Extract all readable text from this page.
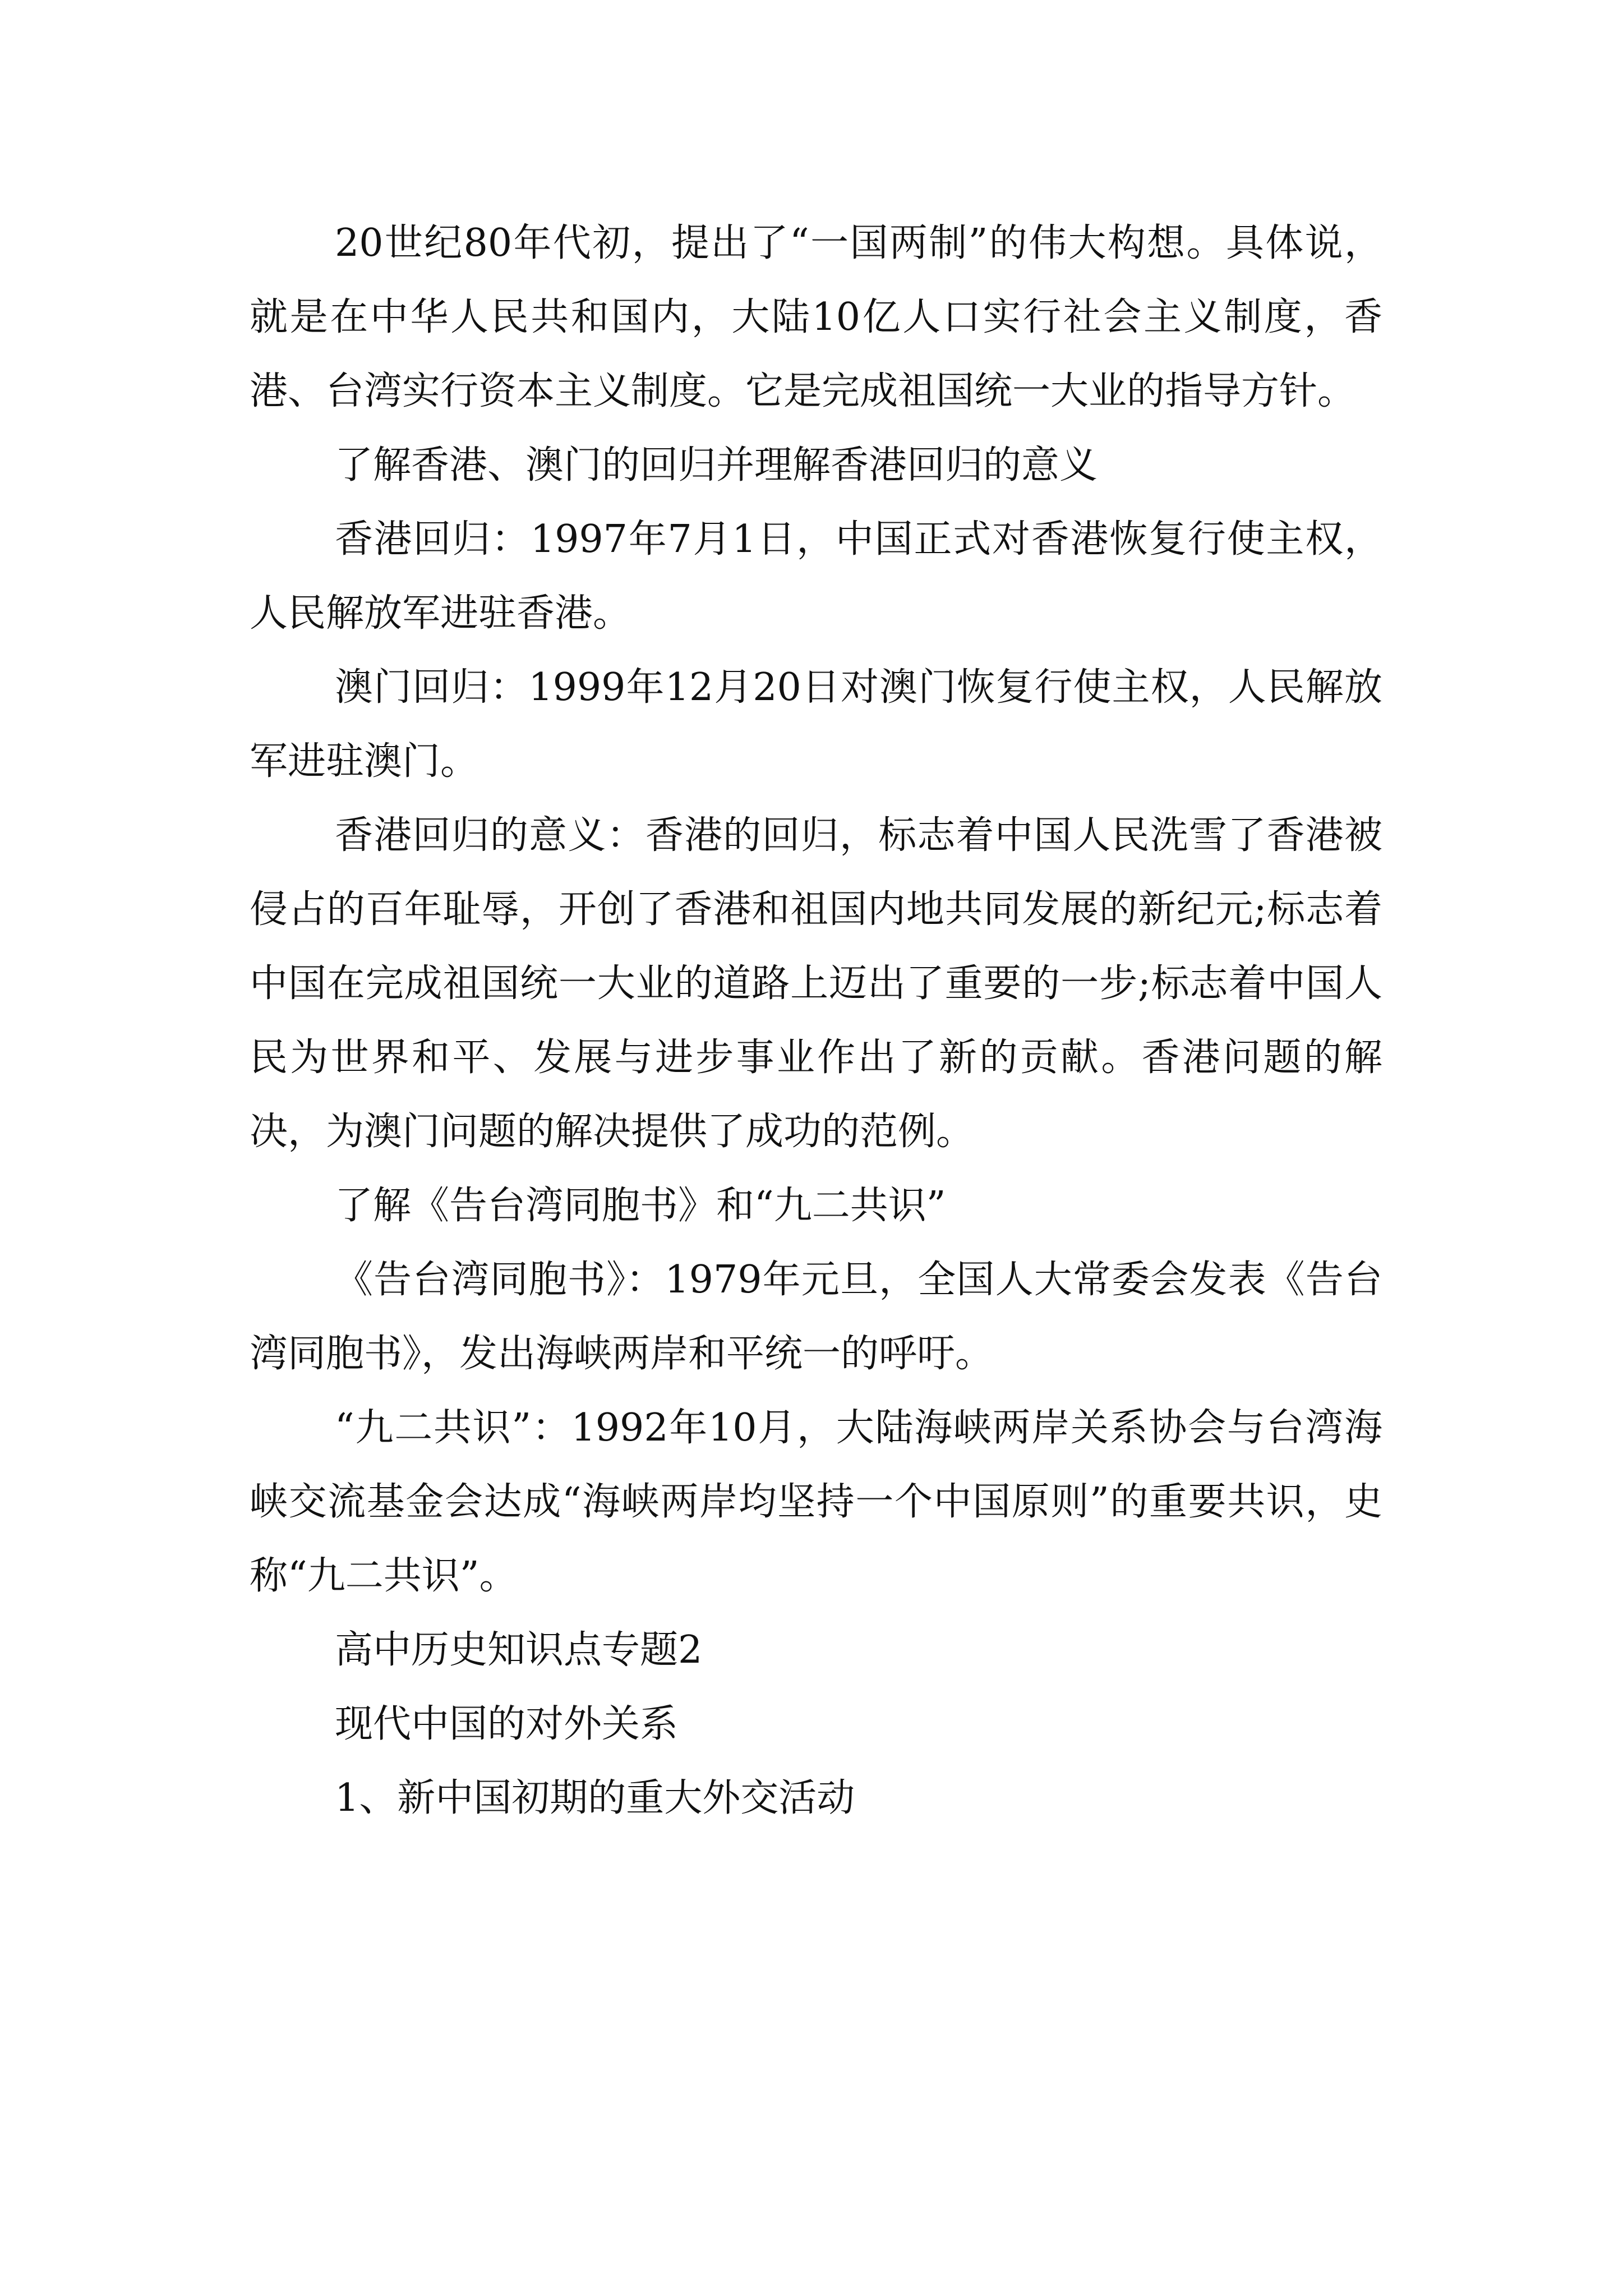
20世纪80年代初，提出了“一国两制”的伟大构想。具体说，就是在中华人民共和国内，大陆10亿人口实行社会主义制度，香港、台湾实行资本主义制度。它是完成祖国统一大业的指导方针。

了解香港、澳门的回归并理解香港回归的意义

香港回归：1997年7月1日，中国正式对香港恢复行使主权，人民解放军进驻香港。

澳门回归：1999年12月20日对澳门恢复行使主权，人民解放军进驻澳门。

香港回归的意义：香港的回归，标志着中国人民洗雪了香港被侵占的百年耻辱，开创了香港和祖国内地共同发展的新纪元;标志着中国在完成祖国统一大业的道路上迈出了重要的一步;标志着中国人民为世界和平、发展与进步事业作出了新的贡献。香港问题的解决，为澳门问题的解决提供了成功的范例。

了解《告台湾同胞书》和“九二共识”

《告台湾同胞书》：1979年元旦，全国人大常委会发表《告台湾同胞书》，发出海峡两岸和平统一的呼吁。

“九二共识”：1992年10月，大陆海峡两岸关系协会与台湾海峡交流基金会达成“海峡两岸均坚持一个中国原则”的重要共识，史称“九二共识”。

高中历史知识点专题2

现代中国的对外关系

1、新中国初期的重大外交活动
